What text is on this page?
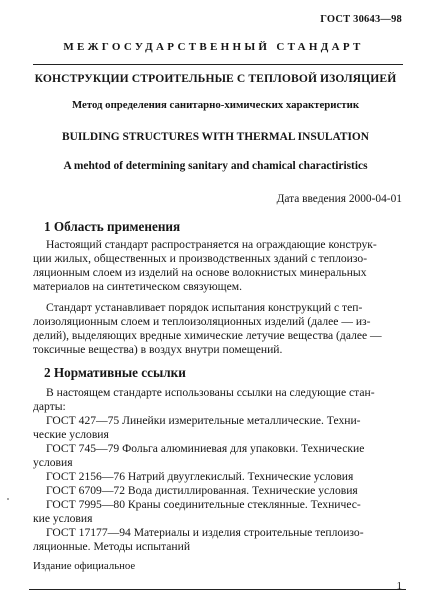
ГОСТ 30643—98
МЕЖГОСУДАРСТВЕННЫЙ СТАНДАРТ
КОНСТРУКЦИИ СТРОИТЕЛЬНЫЕ С ТЕПЛОВОЙ ИЗОЛЯЦИЕЙ
Метод определения санитарно-химических характеристик
BUILDING STRUCTURES WITH THERMAL INSULATION
A mehtod of determining sanitary and chamical charactiristics
Дата введения 2000-04-01
1 Область применения
Настоящий стандарт распространяется на ограждающие конструк-
ции жилых, общественных и производственных зданий с теплоизо-
ляционным слоем из изделий на основе волокнистых минеральных
материалов на синтетическом связующем.
Стандарт устанавливает порядок испытания конструкций с теп-
лоизоляционным слоем и теплоизоляционных изделий (далее — из-
делий), выделяющих вредные химические летучие вещества (далее —
токсичные вещества) в воздух внутри помещений.
2 Нормативные ссылки
В настоящем стандарте использованы ссылки на следующие стан-
дарты:
ГОСТ 427—75 Линейки измерительные металлические. Техни-
ческие условия
ГОСТ 745—79 Фольга алюминиевая для упаковки. Технические
условия
ГОСТ 2156—76 Натрий двууглекислый. Технические условия
ГОСТ 6709—72 Вода дистиллированная. Технические условия
ГОСТ 7995—80 Краны соединительные стеклянные. Техничес-
кие условия
ГОСТ 17177—94 Материалы и изделия строительные теплоизо-
ляционные. Методы испытаний
Издание официальное
1
